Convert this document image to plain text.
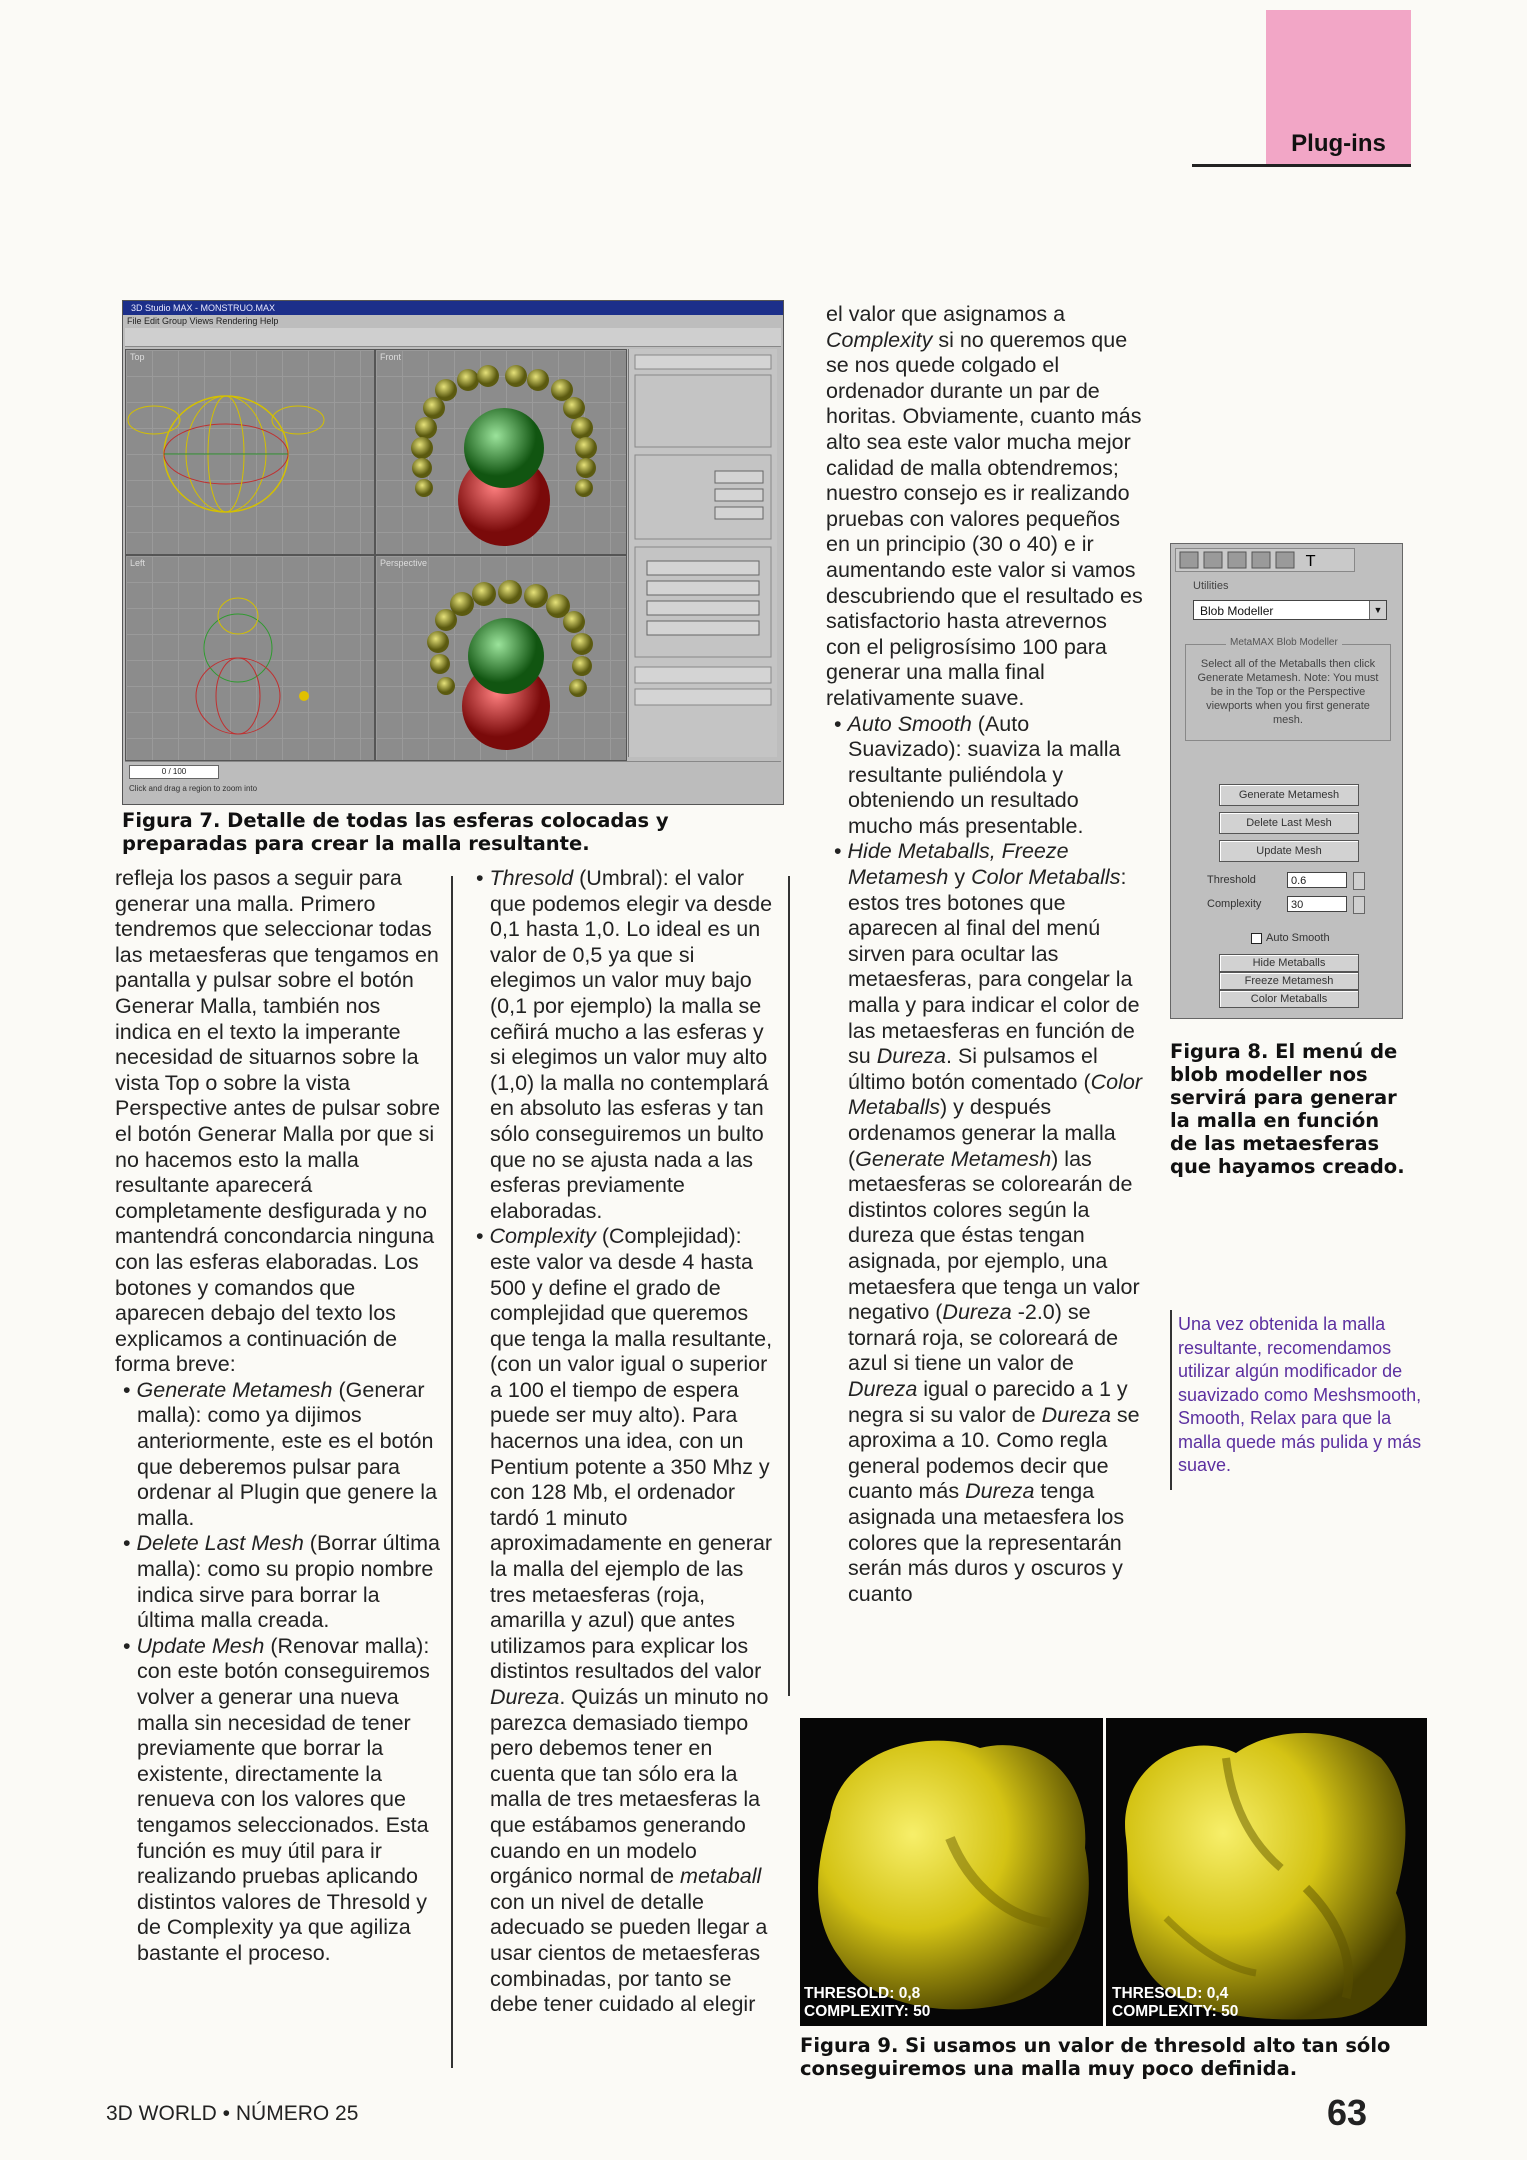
Plug-ins
3D Studio MAX - MONSTRUO.MAX
File Edit Group Views Rendering Help
Top	Front
Left	Perspective
0 / 100
Click and drag a region to zoom into
Figura 7. Detalle de todas las esferas colocadas y preparadas para crear la malla resultante.

refleja los pasos a seguir para generar una malla. Primero tendremos que seleccionar todas las metaesferas que tengamos en pantalla y pulsar sobre el botón Generar Malla, también nos indica en el texto la imperante necesidad de situarnos sobre la vista Top o sobre la vista Perspective antes de pulsar sobre el botón Generar Malla por que si no hacemos esto la malla resultante aparecerá completamente desfigurada y no mantendrá concondarcia ninguna con las esferas elaboradas. Los botones y comandos que aparecen debajo del texto los explicamos a continuación de forma breve:

• Generate Metamesh (Generar malla): como ya dijimos anteriormente, este es el botón que deberemos pulsar para ordenar al Plugin que genere la malla.

• Delete Last Mesh (Borrar última malla): como su propio nombre indica sirve para borrar la última malla creada.

• Update Mesh (Renovar malla): con este botón conseguiremos volver a generar una nueva malla sin necesidad de tener previamente que borrar la existente, directamente la renueva con los valores que tengamos seleccionados. Esta función es muy útil para ir realizando pruebas aplicando distintos valores de Thresold y de Complexity ya que agiliza bastante el proceso.

• Thresold (Umbral): el valor que podemos elegir va desde 0,1 hasta 1,0. Lo ideal es un valor de 0,5 ya que si elegimos un valor muy bajo (0,1 por ejemplo) la malla se ceñirá mucho a las esferas y si elegimos un valor muy alto (1,0) la malla no contemplará en absoluto las esferas y tan sólo conseguiremos un bulto que no se ajusta nada a las esferas previamente elaboradas.

• Complexity (Complejidad): este valor va desde 4 hasta 500 y define el grado de complejidad que queremos que tenga la malla resultante, (con un valor igual o superior a 100 el tiempo de espera puede ser muy alto). Para hacernos una idea, con un Pentium potente a 350 Mhz y con 128 Mb, el ordenador tardó 1 minuto aproximadamente en generar la malla del ejemplo de las tres metaesferas (roja, amarilla y azul) que antes utilizamos para explicar los distintos resultados del valor Dureza. Quizás un minuto no parezca demasiado tiempo pero debemos tener en cuenta que tan sólo era la malla de tres metaesferas la que estábamos generando cuando en un modelo orgánico normal de metaball con un nivel de detalle adecuado se pueden llegar a usar cientos de metaesferas combinadas, por tanto se debe tener cuidado al elegir

el valor que asignamos a Complexity si no queremos que se nos quede colgado el ordenador durante un par de horitas. Obviamente, cuanto más alto sea este valor mucha mejor calidad de malla obtendremos; nuestro consejo es ir realizando pruebas con valores pequeños en un principio (30 o 40) e ir aumentando este valor si vamos descubriendo que el resultado es satisfactorio hasta atrevernos con el peligrosísimo 100 para generar una malla final relativamente suave.

• Auto Smooth (Auto Suavizado): suaviza la malla resultante puliéndola y obteniendo un resultado mucho más presentable.

• Hide Metaballs, Freeze Metamesh y Color Metaballs: estos tres botones que aparecen al final del menú sirven para ocultar las metaesferas, para congelar la malla y para indicar el color de las metaesferas en función de su Dureza. Si pulsamos el último botón comentado (Color Metaballs) y después ordenamos generar la malla (Generate Metamesh) las metaesferas se colorearán de distintos colores según la dureza que éstas tengan asignada, por ejemplo, una metaesfera que tenga un valor negativo (Dureza -2.0) se tornará roja, se coloreará de azul si tiene un valor de Dureza igual o parecido a 1 y negra si su valor de Dureza se aproxima a 10. Como regla general podemos decir que cuanto más Dureza tenga asignada una metaesfera los colores que la representarán serán más duros y oscuros y cuanto

T
Utilities
Blob Modeller	▼
MetaMAX Blob Modeller
Select all of the Metaballs then click Generate Metamesh. Note: You must be in the Top or the Perspective viewports when you first generate mesh.
Generate Metamesh
Delete Last Mesh
Update Mesh
Threshold	0.6
Complexity	30
Auto Smooth
Hide Metaballs
Freeze Metamesh
Color Metaballs
Figura 8. El menú de blob modeller nos servirá para generar la malla en función de las metaesferas que hayamos creado.
Una vez obtenida la malla resultante, recomendamos utilizar algún modificador de suavizado como Meshsmooth, Smooth, Relax para que la malla quede más pulida y más suave.
THRESOLD: 0,8
COMPLEXITY: 50
THRESOLD: 0,4
COMPLEXITY: 50
Figura 9. Si usamos un valor de thresold alto tan sólo conseguiremos una malla muy poco definida.
3D WORLD • NÚMERO 25	63
